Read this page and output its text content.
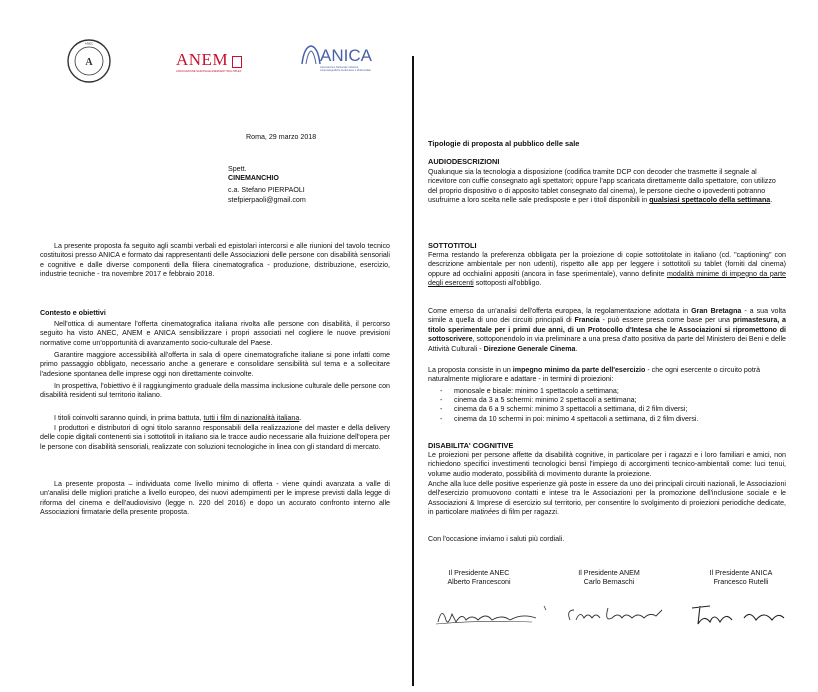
A
ANEC
ANEM
ASSOCIAZIONE NAZIONALE ESERCENTI MULTIPLEX
ANICA
Associazione Nazionale Industrie Cinematografiche Audiovisive e Multimediali

Roma, 29 marzo 2018

Spett.

CINEMANCHIO

c.a. Stefano PIERPAOLI

stefpierpaoli@gmail.com

La presente proposta fa seguito agli scambi verbali ed epistolari intercorsi e alle riunioni del tavolo tecnico costituitosi presso ANICA e formato dai rappresentanti delle Associazioni delle persone con disabilità sensoriali e cognitive e dalle diverse componenti della filiera cinematografica - produzione, distribuzione, esercizio, industrie tecniche - tra novembre 2017 e febbraio 2018.

Contesto e obiettivi

Nell'ottica di aumentare l'offerta cinematografica italiana rivolta alle persone con disabilità, il percorso seguito ha visto ANEC, ANEM e ANICA sensibilizzare i propri associati nel cogliere le nuove previsioni normative come un'opportunità di avanzamento socio-culturale del Paese.

Garantire maggiore accessibilità all'offerta in sala di opere cinematografiche italiane si pone infatti come primo passaggio obbligato, necessario anche a generare e consolidare sensibilità sul tema e a sollecitare l'adesione spontanea delle imprese oggi non direttamente coinvolte.

In prospettiva, l'obiettivo è il raggiungimento graduale della massima inclusione culturale delle persone con disabilità residenti sul territorio italiano.

I titoli coinvolti saranno quindi, in prima battuta, tutti i film di nazionalità italiana.

I produttori e distributori di ogni titolo saranno responsabili della realizzazione del master e della delivery delle copie digitali contenenti sia i sottotitoli in italiano sia le tracce audio necessarie alla fruizione dell'opera per le persone con disabilità sensoriali, realizzate con soluzioni tecnologiche in linea con gli standard di mercato.

La presente proposta – individuata come livello minimo di offerta - viene quindi avanzata a valle di un'analisi delle migliori pratiche a livello europeo, dei nuovi adempimenti per le imprese previsti dalla legge di riforma del cinema e dell'audiovisivo (legge n. 220 del 2016) e dopo un accurato confronto interno alle Associazioni firmatarie della presente proposta.

Tipologie di proposta al pubblico delle sale

AUDIODESCRIZIONI

Qualunque sia la tecnologia a disposizione (codifica tramite DCP con decoder che trasmette il segnale al ricevitore con cuffie consegnato agli spettatori; oppure l'app scaricata direttamente dallo spettatore, con utilizzo del proprio dispositivo o di apposito tablet consegnato dal cinema), le persone cieche o ipovedenti potranno usufruirne a loro scelta nelle sale predisposte e per i titoli disponibili in qualsiasi spettacolo della settimana.

SOTTOTITOLI

Ferma restando la preferenza obbligata per la proiezione di copie sottotitolate in italiano (cd. "captioning" con descrizione ambientale per non udenti), rispetto alle app per leggere i sottotitoli su tablet (forniti dal cinema) oppure ad occhialini appositi (ancora in fase sperimentale), vanno definite modalità minime di impegno da parte degli esercenti sottoposti all'obbligo.

Come emerso da un'analisi dell'offerta europea, la regolamentazione adottata in Gran Bretagna - a sua volta simile a quella di uno dei circuiti principali di Francia - può essere presa come base per una primastesura, a titolo sperimentale per i primi due anni, di un Protocollo d'Intesa che le Associazioni si ripromettono di sottoscrivere, sottoponendolo in via preliminare a una presa d'atto positiva da parte del Ministero dei Beni e delle Attività Culturali - Direzione Generale Cinema.

La proposta consiste in un impegno minimo da parte dell'esercizio - che ogni esercente o circuito potrà naturalmente migliorare e adattare - in termini di proiezioni:

- monosale e bisale: minimo 1 spettacolo a settimana;
- cinema da 3 a 5 schermi: minimo 2 spettacoli a settimana;
- cinema da 6 a 9 schermi: minimo 3 spettacoli a settimana, di 2 film diversi;
- cinema da 10 schermi in poi: minimo 4 spettacoli a settimana, di 2 film diversi.

DISABILITA' COGNITIVE

Le proiezioni per persone affette da disabilità cognitive, in particolare per i ragazzi e i loro familiari e amici, non richiedono specifici investimenti tecnologici bensì l'impiego di accorgimenti tecnico-ambientali come: luci tenui, volume audio moderato, possibilità di movimento durante la proiezione.

Anche alla luce delle positive esperienze già poste in essere da uno dei principali circuiti nazionali, le Associazioni dell'esercizio promuovono contatti e intese tra le Associazioni per la promozione dell'inclusione sociale e le Associazioni & Imprese di esercizio sul territorio, per consentire lo svolgimento di proiezioni periodiche dedicate, in particolare matinées di film per ragazzi.

Con l'occasione inviamo i saluti più cordiali.

Il Presidente ANEC
Alberto Francesconi
Il Presidente ANEM
Carlo Bernaschi
Il Presidente ANICA
Francesco Rutelli
